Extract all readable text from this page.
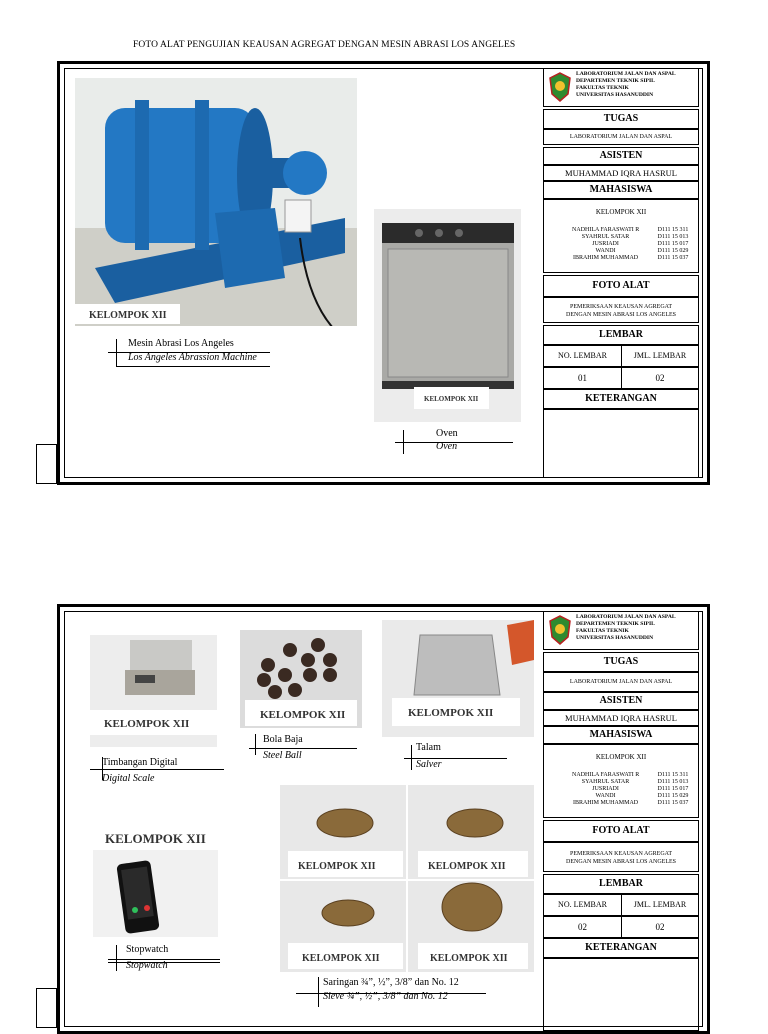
FOTO ALAT PENGUJIAN KEAUSAN AGREGAT DENGAN MESIN ABRASI LOS ANGELES
KELOMPOK XII
Mesin Abrasi Los Angeles
Los Angeles Abrassion Machine
KELOMPOK XII
Oven
Oven
LABORATORIUM JALAN DAN ASPAL
DEPARTEMEN TEKNIK SIPIL
FAKULTAS TEKNIK
UNIVERSITAS HASANUDDIN
TUGAS
LABORATORIUM JALAN DAN ASPAL
ASISTEN
MUHAMMAD IQRA HASRUL
MAHASISWA
KELOMPOK XII
NADHILA FARASWATI R	D111 15 311
SYAHRUL SATAR	D111 15 013
JUSRIADI	D111 15 017
WANDI	D111 15 029
IBRAHIM MUHAMMAD	D111 15 037
FOTO ALAT
PEMERIKSAAN KEAUSAN AGREGAT
DENGAN MESIN ABRASI LOS ANGELES
LEMBAR
NO. LEMBAR	JML. LEMBAR
01	02
KETERANGAN
KELOMPOK XII
Timbangan Digital
Digital Scale
KELOMPOK XII
Bola Baja
Steel Ball
KELOMPOK XII
Talam
Salver
KELOMPOK XII
Stopwatch
Stopwatch
KELOMPOK XII	KELOMPOK XII
KELOMPOK XII	KELOMPOK XII
Saringan ¾”, ½”, 3/8” dan No. 12
Sieve ¾”, ½”, 3/8” dan No. 12
LABORATORIUM JALAN DAN ASPAL
DEPARTEMEN TEKNIK SIPIL
FAKULTAS TEKNIK
UNIVERSITAS HASANUDDIN
TUGAS
LABORATORIUM JALAN DAN ASPAL
ASISTEN
MUHAMMAD IQRA HASRUL
MAHASISWA
KELOMPOK XII
NADHILA FARASWATI R	D111 15 311
SYAHRUL SATAR	D111 15 013
JUSRIADI	D111 15 017
WANDI	D111 15 029
IBRAHIM MUHAMMAD	D111 15 037
FOTO ALAT
PEMERIKSAAN KEAUSAN AGREGAT
DENGAN MESIN ABRASI LOS ANGELES
LEMBAR
NO. LEMBAR	JML. LEMBAR
02	02
KETERANGAN
